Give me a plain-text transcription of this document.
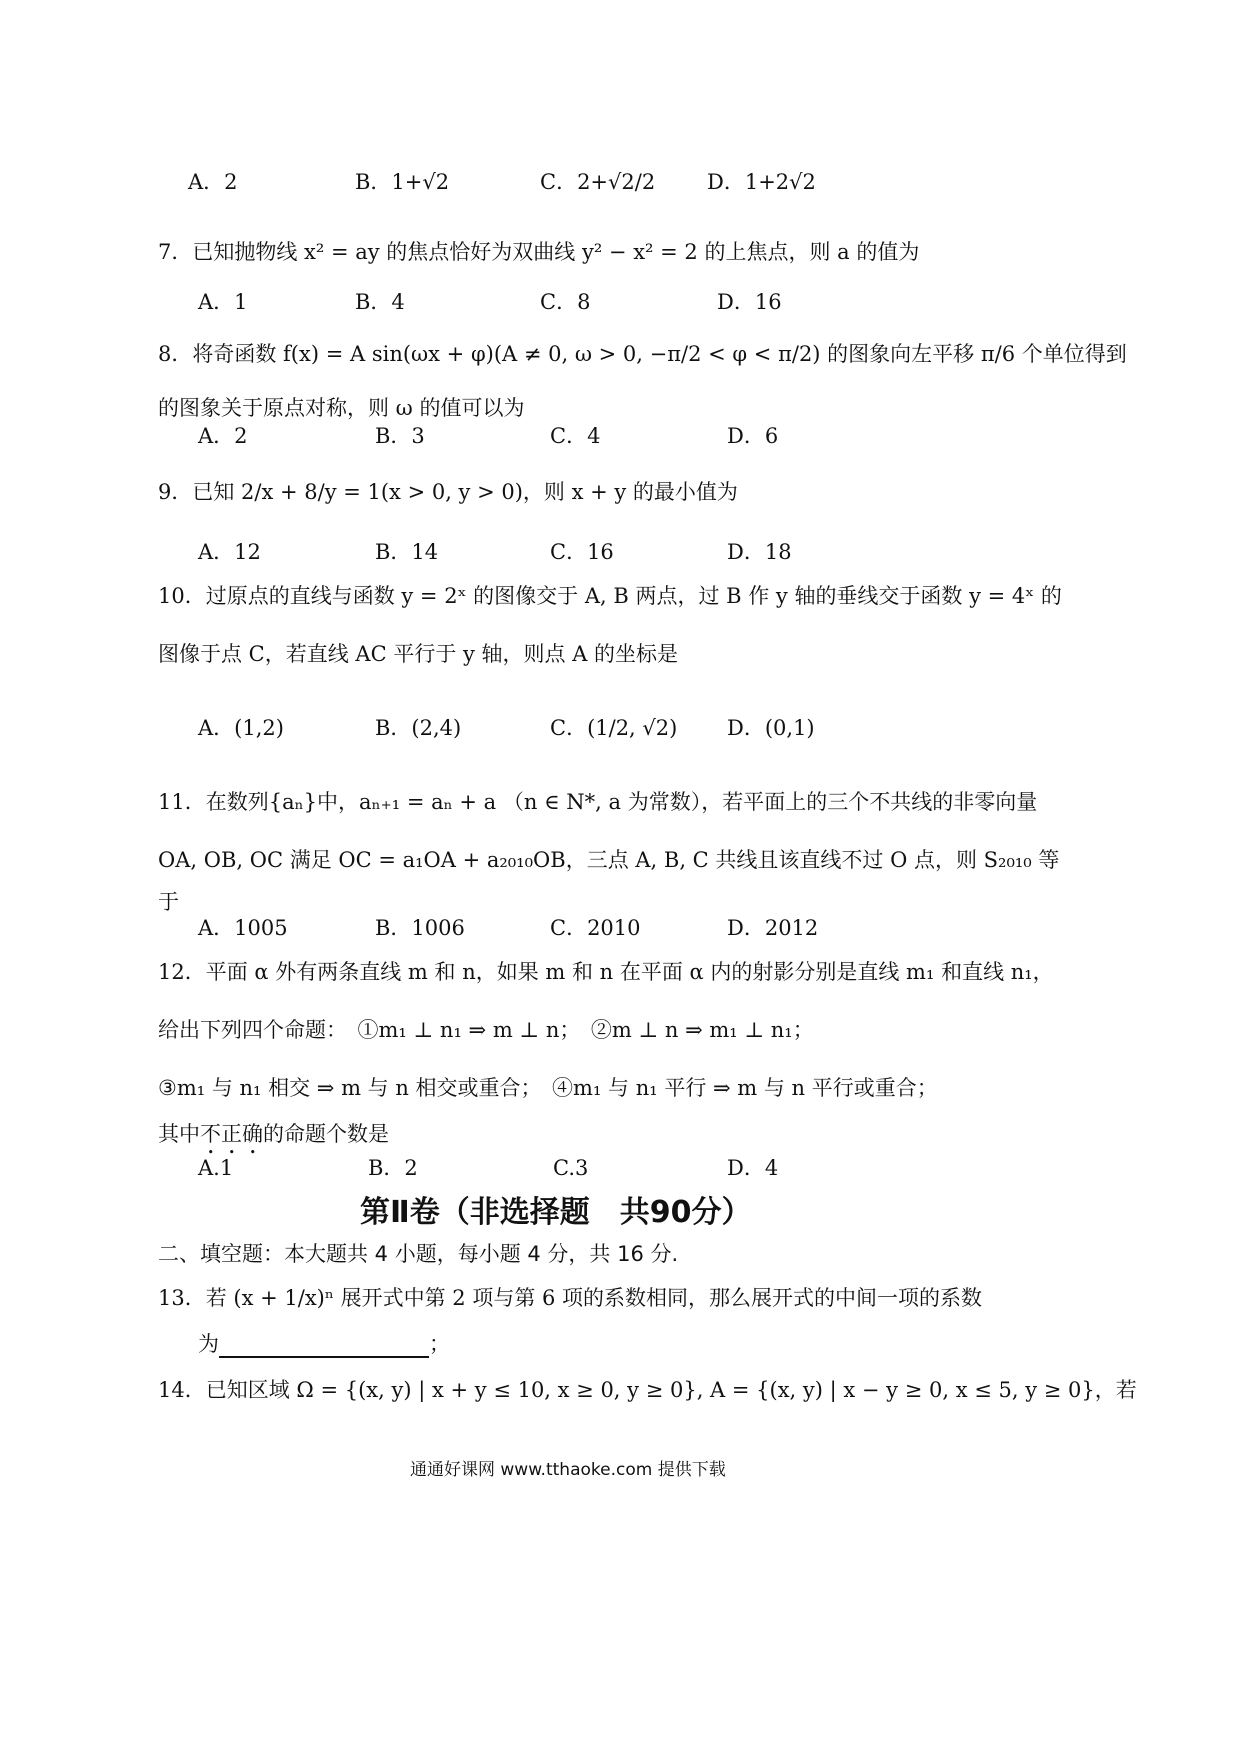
A．2	B．1+√2	C．2+√2/2 D．1+2√2
7．已知抛物线 x² = ay 的焦点恰好为双曲线 y² − x² = 2 的上焦点，则 a 的值为
A．1	B．4	C．8	D．16
8．将奇函数 f(x) = A sin(ωx + φ)(A ≠ 0, ω > 0, −π/2 < φ < π/2) 的图象向左平移 π/6 个单位得到
的图象关于原点对称，则 ω 的值可以为
A．2	B．3	C．4	D．6
9．已知 2/x + 8/y = 1(x > 0, y > 0)，则 x + y 的最小值为
A．12	B．14	C．16	D．18
10．过原点的直线与函数 y = 2ˣ 的图像交于 A, B 两点，过 B 作 y 轴的垂线交于函数 y = 4ˣ 的
图像于点 C，若直线 AC 平行于 y 轴，则点 A 的坐标是
A．(1,2)	B．(2,4)	C．(1/2, √2) D．(0,1)
11．在数列{aₙ}中，aₙ₊₁ = aₙ + a （n ∈ N*, a 为常数），若平面上的三个不共线的非零向量
OA, OB, OC 满足 OC = a₁OA + a₂₀₁₀OB，三点 A, B, C 共线且该直线不过 O 点，则 S₂₀₁₀ 等
于
A．1005	B．1006	C．2010	D．2012
12．平面 α 外有两条直线 m 和 n，如果 m 和 n 在平面 α 内的射影分别是直线 m₁ 和直线 n₁，
给出下列四个命题：　①m₁ ⊥ n₁ ⇒ m ⊥ n；　②m ⊥ n ⇒ m₁ ⊥ n₁；
③m₁ 与 n₁ 相交 ⇒ m 与 n 相交或重合；　④m₁ 与 n₁ 平行 ⇒ m 与 n 平行或重合；
其中不正确的命题个数是
A.1	B．2	C.3	D．4
第Ⅱ卷（非选择题　共90分）
二、填空题：本大题共 4 小题，每小题 4 分，共 16 分.
13．若 (x + 1/x)ⁿ 展开式中第 2 项与第 6 项的系数相同，那么展开式的中间一项的系数
为	；
14．已知区域 Ω = {(x, y) | x + y ≤ 10, x ≥ 0, y ≥ 0}, A = {(x, y) | x − y ≥ 0, x ≤ 5, y ≥ 0}，若
通通好课网 www.tthaoke.com 提供下载
